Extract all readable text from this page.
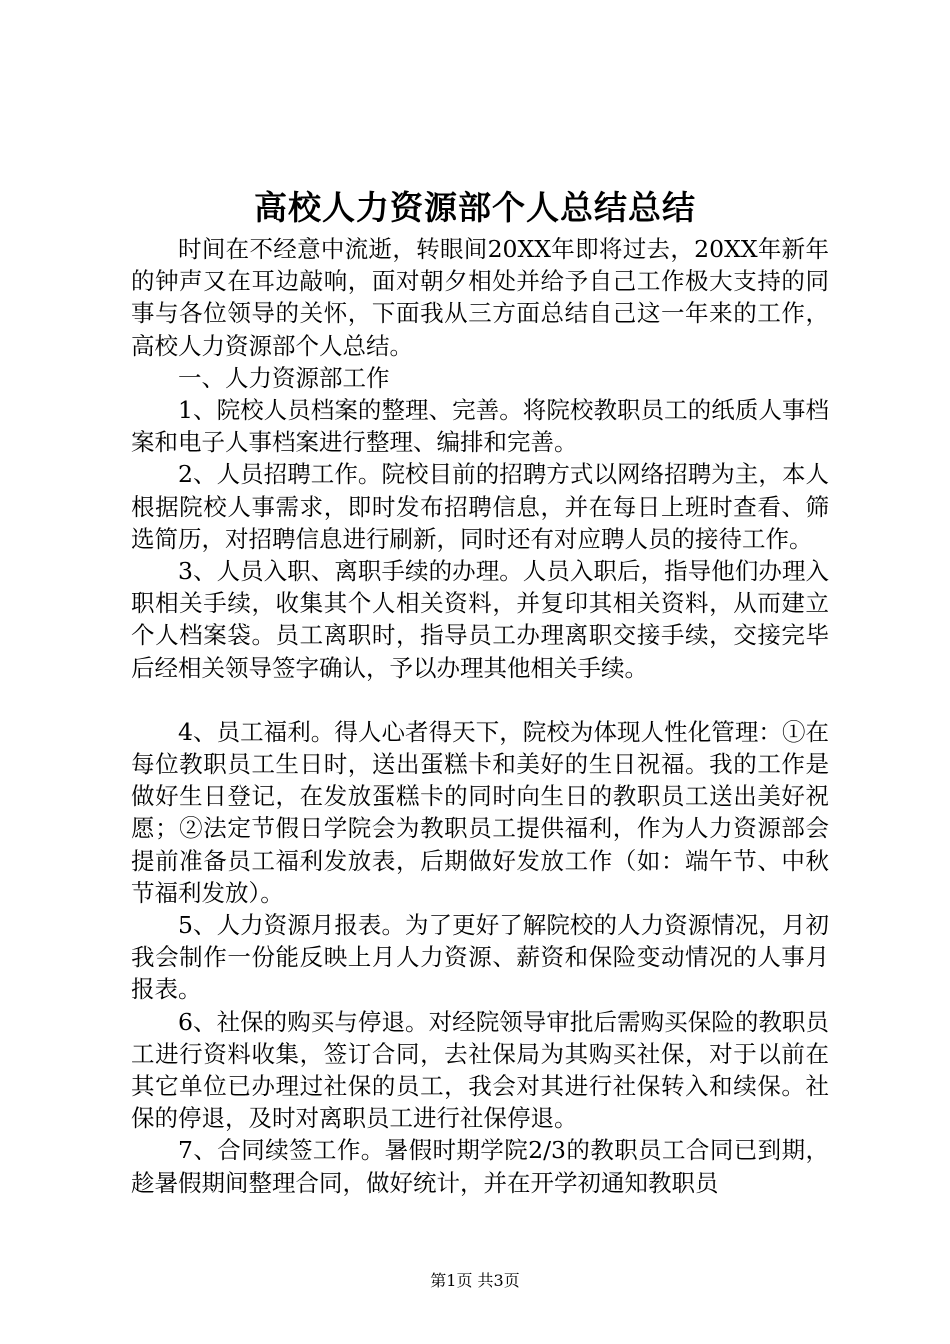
高校人力资源部个人总结总结

时间在不经意中流逝，转眼间20XX年即将过去，20XX年新年的钟声又在耳边敲响，面对朝夕相处并给予自己工作极大支持的同事与各位领导的关怀，下面我从三方面总结自己这一年来的工作，高校人力资源部个人总结。

一、人力资源部工作

1、院校人员档案的整理、完善。将院校教职员工的纸质人事档案和电子人事档案进行整理、编排和完善。

2、人员招聘工作。院校目前的招聘方式以网络招聘为主，本人根据院校人事需求，即时发布招聘信息，并在每日上班时查看、筛选简历，对招聘信息进行刷新，同时还有对应聘人员的接待工作。

3、人员入职、离职手续的办理。人员入职后，指导他们办理入职相关手续，收集其个人相关资料，并复印其相关资料，从而建立个人档案袋。员工离职时，指导员工办理离职交接手续，交接完毕后经相关领导签字确认，予以办理其他相关手续。

4、员工福利。得人心者得天下，院校为体现人性化管理：①在每位教职员工生日时，送出蛋糕卡和美好的生日祝福。我的工作是做好生日登记，在发放蛋糕卡的同时向生日的教职员工送出美好祝愿；②法定节假日学院会为教职员工提供福利，作为人力资源部会提前准备员工福利发放表，后期做好发放工作（如：端午节、中秋节福利发放）。

5、人力资源月报表。为了更好了解院校的人力资源情况，月初我会制作一份能反映上月人力资源、薪资和保险变动情况的人事月报表。

6、社保的购买与停退。对经院领导审批后需购买保险的教职员工进行资料收集，签订合同，去社保局为其购买社保，对于以前在其它单位已办理过社保的员工，我会对其进行社保转入和续保。社保的停退，及时对离职员工进行社保停退。

7、合同续签工作。暑假时期学院2/3的教职员工合同已到期，趁暑假期间整理合同，做好统计，并在开学初通知教职员

第1页 共3页
